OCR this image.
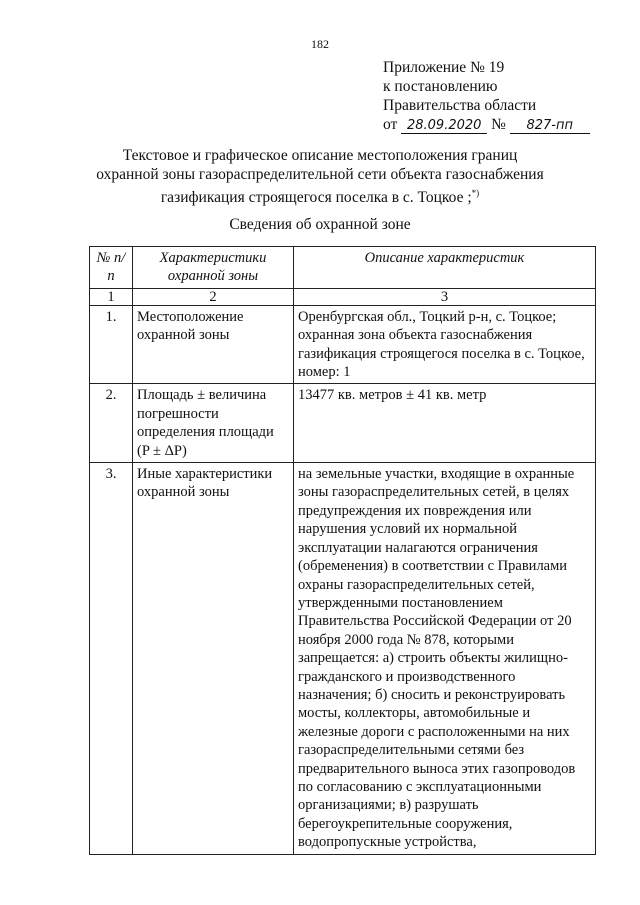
182
Приложение № 19
к постановлению
Правительства области
от 28.09.2020 № 827-пп
Текстовое и графическое описание местоположения границ
охранной зоны газораспределительной сети объекта газоснабжения
газификация строящегося поселка в с. Тоцкое ;*)
Сведения об охранной зоне
№ п/п	Характеристики охранной зоны	Описание характеристик
1	2	3
1.	Местоположение охранной зоны	Оренбургская обл., Тоцкий р-н, с. Тоцкое; охранная зона объекта газоснабжения газификация строящегося поселка в с. Тоцкое, номер: 1
2.	Площадь ± величина погрешности определения площади (P ± ΔP)	13477 кв. метров ± 41 кв. метр
3.	Иные характеристики охранной зоны	на земельные участки, входящие в охранные зоны газораспределительных сетей, в целях предупреждения их повреждения или нарушения условий их нормальной эксплуатации налагаются ограничения (обременения) в соответствии с Правилами охраны газораспределительных сетей, утвержденными постановлением Правительства Российской Федерации от 20 ноября 2000 года № 878, которыми запрещается: а) строить объекты жилищно-гражданского и производственного назначения; б) сносить и реконструировать мосты, коллекторы, автомобильные и железные дороги с расположенными на них газораспределительными сетями без предварительного выноса этих газопроводов по согласованию с эксплуатационными организациями; в) разрушать берегоукрепительные сооружения, водопропускные устройства,
